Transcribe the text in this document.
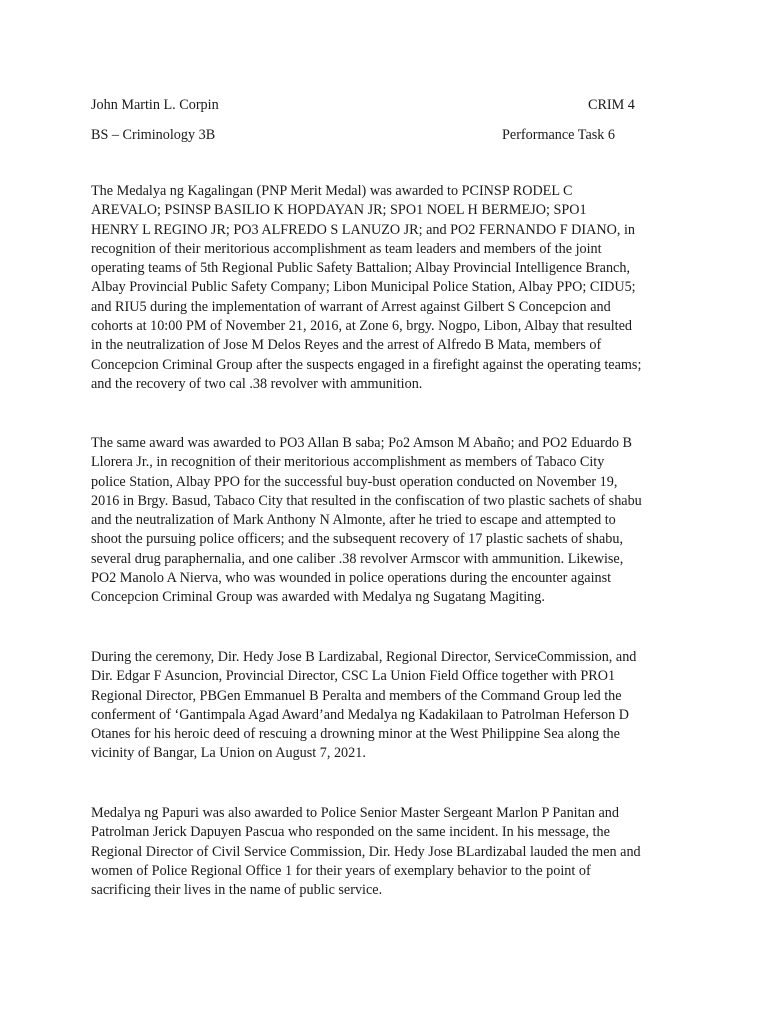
John Martin L. Corpin	CRIM 4
BS – Criminology 3B	Performance Task 6
The Medalya ng Kagalingan (PNP Merit Medal) was awarded to PCINSP RODEL C
AREVALO; PSINSP BASILIO K HOPDAYAN JR; SPO1 NOEL H BERMEJO; SPO1
HENRY L REGINO JR; PO3 ALFREDO S LANUZO JR; and PO2 FERNANDO F DIANO, in
recognition of their meritorious accomplishment as team leaders and members of the joint
operating teams of 5th Regional Public Safety Battalion; Albay Provincial Intelligence Branch,
Albay Provincial Public Safety Company; Libon Municipal Police Station, Albay PPO; CIDU5;
and RIU5 during the implementation of warrant of Arrest against Gilbert S Concepcion and
cohorts at 10:00 PM of November 21, 2016, at Zone 6, brgy. Nogpo, Libon, Albay that resulted
in the neutralization of Jose M Delos Reyes and the arrest of Alfredo B Mata, members of
Concepcion Criminal Group after the suspects engaged in a firefight against the operating teams;
and the recovery of two cal .38 revolver with ammunition.
The same award was awarded to PO3 Allan B saba; Po2 Amson M Abaño; and PO2 Eduardo B
Llorera Jr., in recognition of their meritorious accomplishment as members of Tabaco City
police Station, Albay PPO for the successful buy-bust operation conducted on November 19,
2016 in Brgy. Basud, Tabaco City that resulted in the confiscation of two plastic sachets of shabu
and the neutralization of Mark Anthony N Almonte, after he tried to escape and attempted to
shoot the pursuing police officers; and the subsequent recovery of 17 plastic sachets of shabu,
several drug paraphernalia, and one caliber .38 revolver Armscor with ammunition. Likewise,
PO2 Manolo A Nierva, who was wounded in police operations during the encounter against
Concepcion Criminal Group was awarded with Medalya ng Sugatang Magiting.
During the ceremony, Dir. Hedy Jose B Lardizabal, Regional Director, ServiceCommission, and
Dir. Edgar F Asuncion, Provincial Director, CSC La Union Field Office together with PRO1
Regional Director, PBGen Emmanuel B Peralta and members of the Command Group led the
conferment of ‘Gantimpala Agad Award’and Medalya ng Kadakilaan to Patrolman Heferson D
Otanes for his heroic deed of rescuing a drowning minor at the West Philippine Sea along the
vicinity of Bangar, La Union on August 7, 2021.
Medalya ng Papuri was also awarded to Police Senior Master Sergeant Marlon P Panitan and
Patrolman Jerick Dapuyen Pascua who responded on the same incident. In his message, the
Regional Director of Civil Service Commission, Dir. Hedy Jose BLardizabal lauded the men and
women of Police Regional Office 1 for their years of exemplary behavior to the point of
sacrificing their lives in the name of public service.
